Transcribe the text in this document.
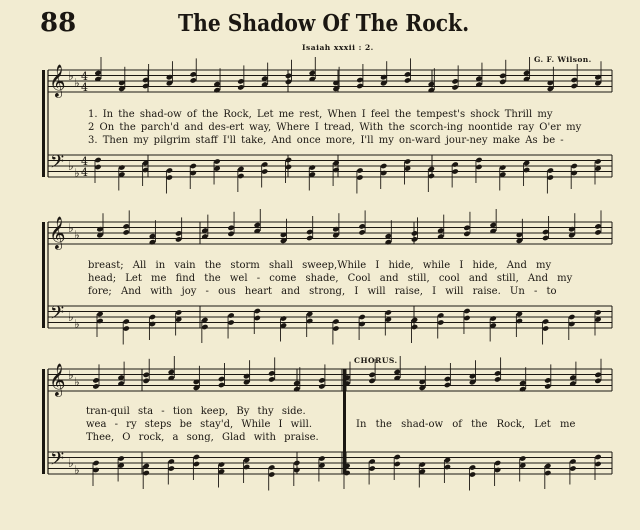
88	The Shadow Of The Rock.
Isaiah xxxii : 2.
G. F. Wilson.
CHORUS.
𝄞
𝄢
♭ ♭
♭ ♭
4
4
4
4
𝄞
𝄢
♭ ♭
♭ ♭
𝄞
𝄢
♭ ♭
♭ ♭
1. In the shad-ow of the Rock, Let me rest, When I feel the tempest's shock Thrill my
2 On the parch'd and des-ert way, Where I tread, With the scorch-ing noontide ray O'er my
3. Then my pilgrim staff I'll take, And once more, I'll my on-ward jour-ney make As be -
breast; All in vain the storm shall sweep,While I hide, while I hide, And my
head; Let me find the wel - come shade, Cool and still, cool and still, And my
fore; And with joy - ous heart and strong, I will raise, I will raise. Un - to
tran-quil sta - tion keep, By thy side.
wea - ry steps be stay'd, While I will.
Thee, O rock, a song, Glad with praise.
In the shad-ow of the Rock, Let me
